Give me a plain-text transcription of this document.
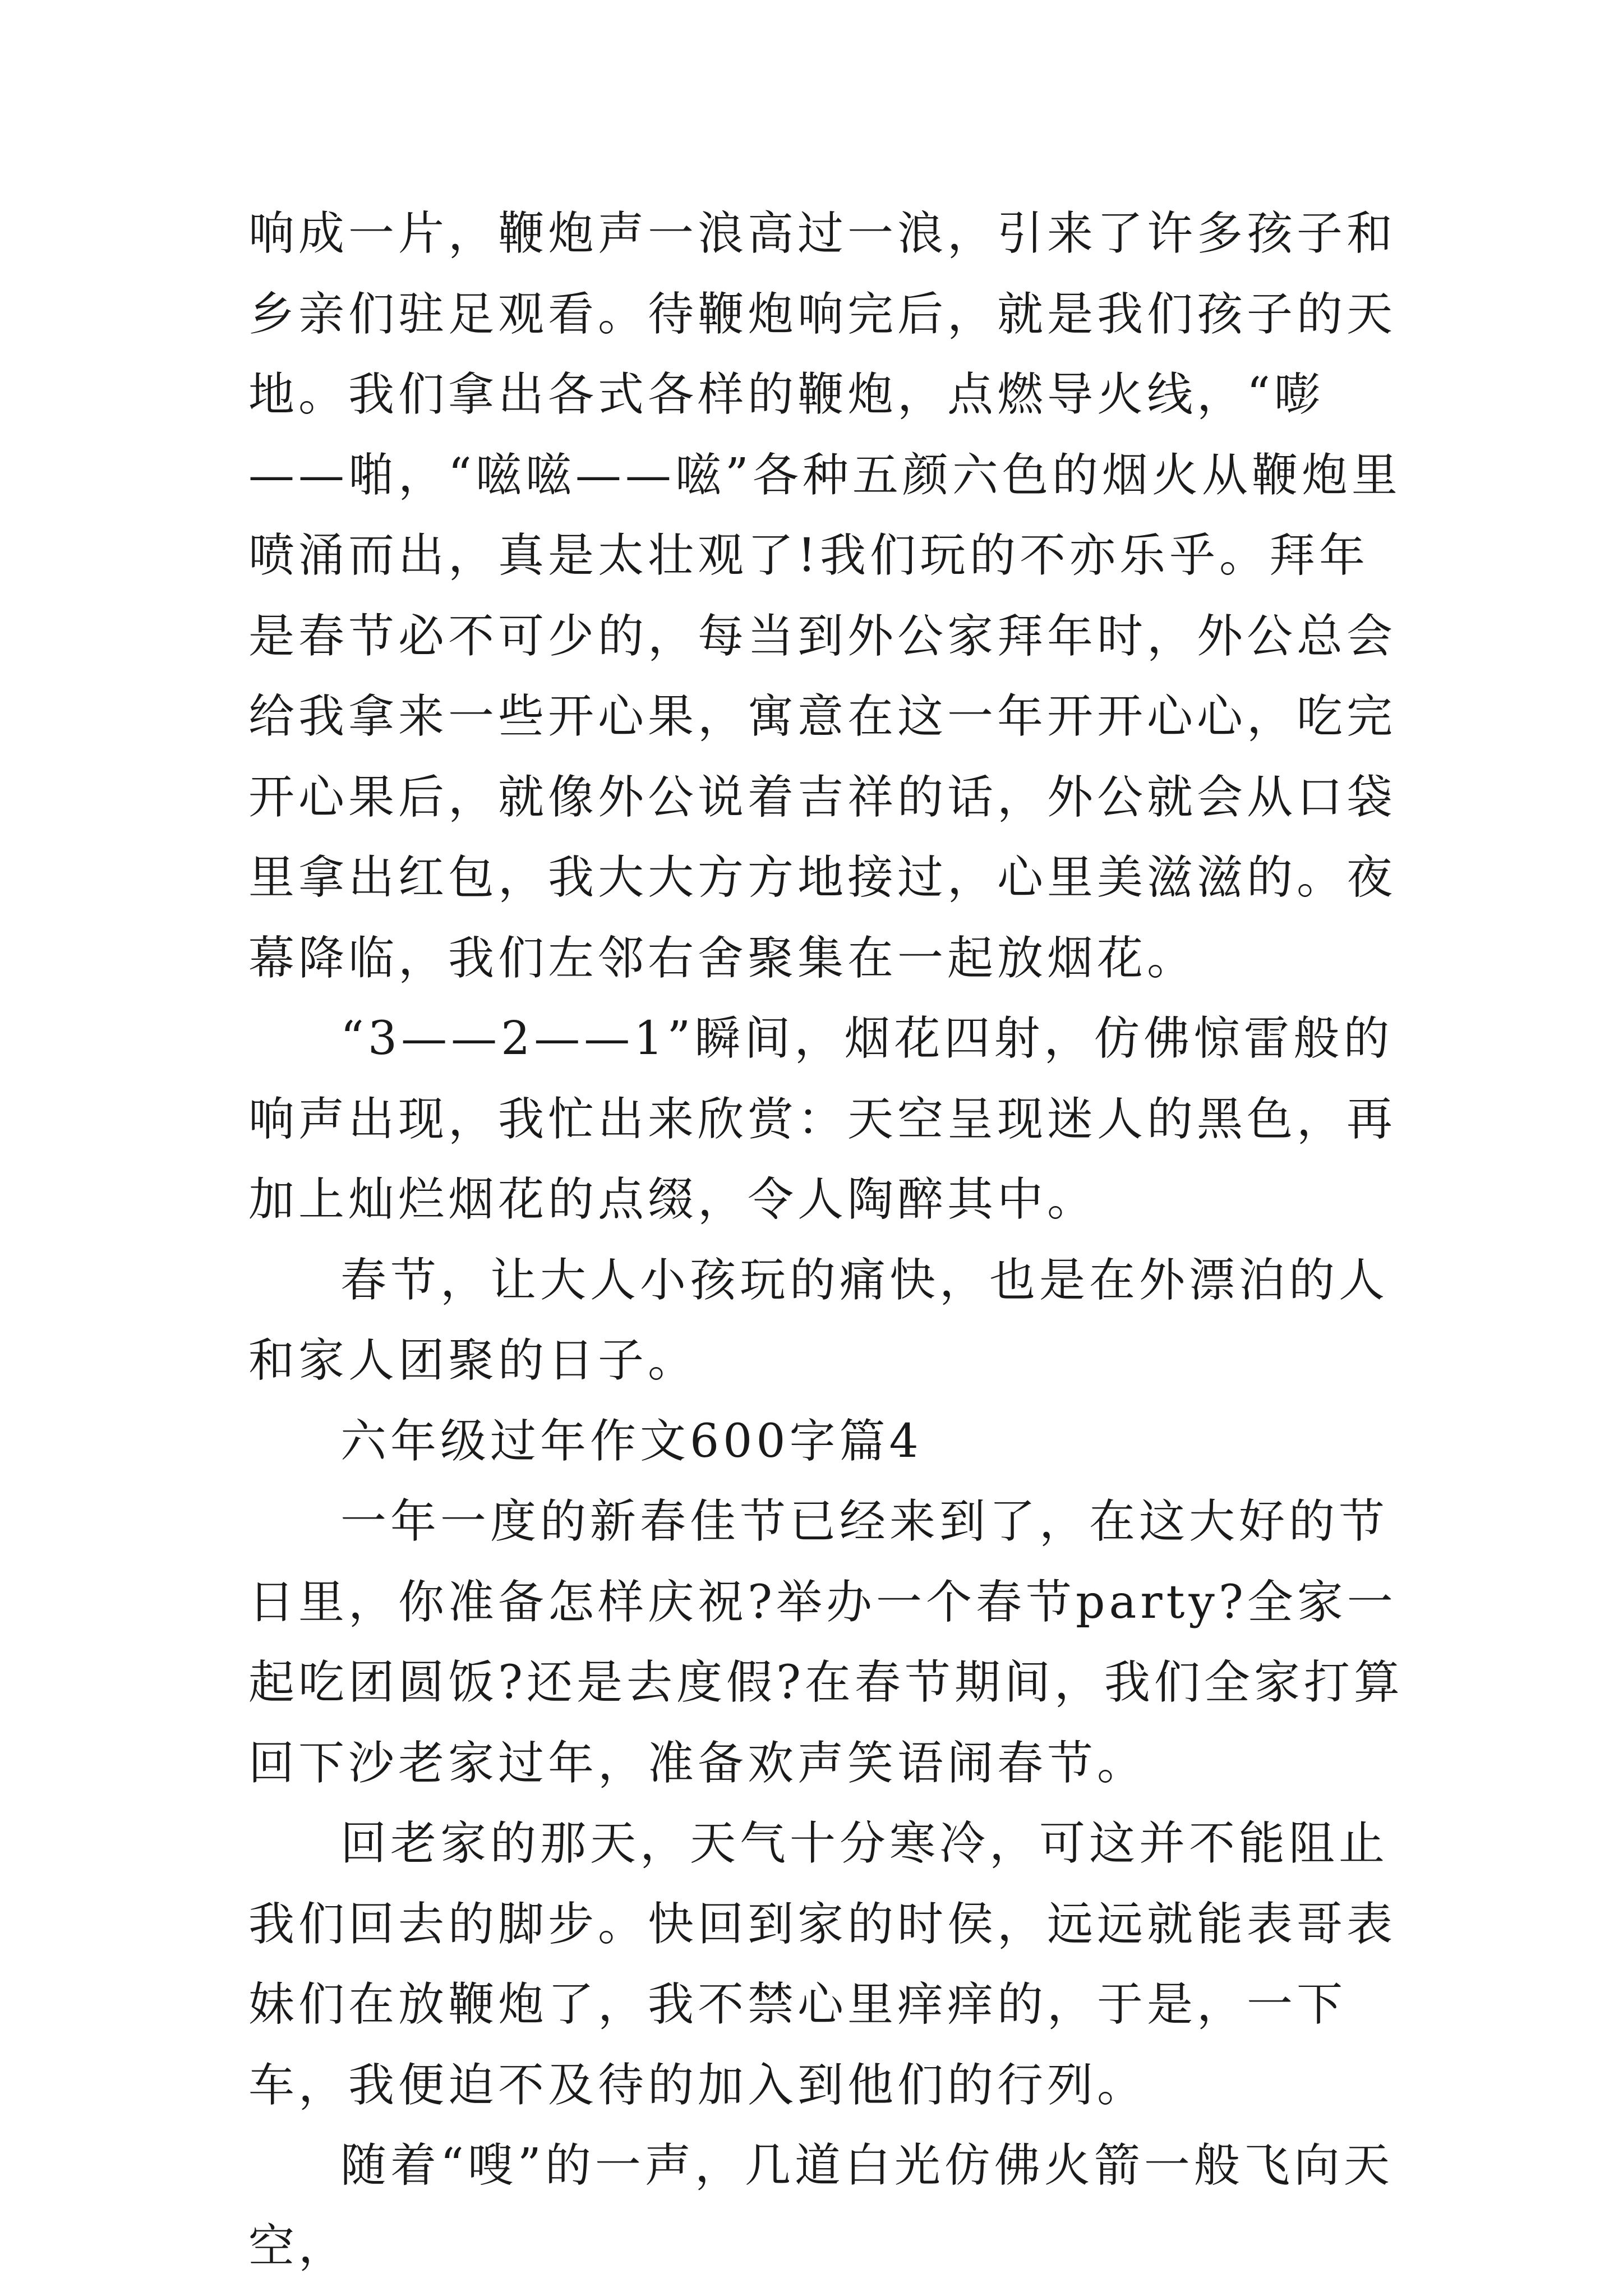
响成一片，鞭炮声一浪高过一浪，引来了许多孩子和乡亲们驻足观看。待鞭炮响完后，就是我们孩子的天地。我们拿出各式各样的鞭炮，点燃导火线，“嘭——啪，“嗞嗞——嗞”各种五颜六色的烟火从鞭炮里喷涌而出，真是太壮观了!我们玩的不亦乐乎。拜年是春节必不可少的，每当到外公家拜年时，外公总会给我拿来一些开心果，寓意在这一年开开心心，吃完开心果后，就像外公说着吉祥的话，外公就会从口袋里拿出红包，我大大方方地接过，心里美滋滋的。夜幕降临，我们左邻右舍聚集在一起放烟花。

“3——2——1”瞬间，烟花四射，仿佛惊雷般的响声出现，我忙出来欣赏：天空呈现迷人的黑色，再加上灿烂烟花的点缀，令人陶醉其中。

春节，让大人小孩玩的痛快，也是在外漂泊的人和家人团聚的日子。

六年级过年作文600字篇4

一年一度的新春佳节已经来到了，在这大好的节日里，你准备怎样庆祝?举办一个春节party?全家一起吃团圆饭?还是去度假?在春节期间，我们全家打算回下沙老家过年，准备欢声笑语闹春节。

回老家的那天，天气十分寒冷，可这并不能阻止我们回去的脚步。快回到家的时侯，远远就能表哥表妹们在放鞭炮了，我不禁心里痒痒的，于是，一下车，我便迫不及待的加入到他们的行列。

随着“嗖”的一声，几道白光仿佛火箭一般飞向天空，
